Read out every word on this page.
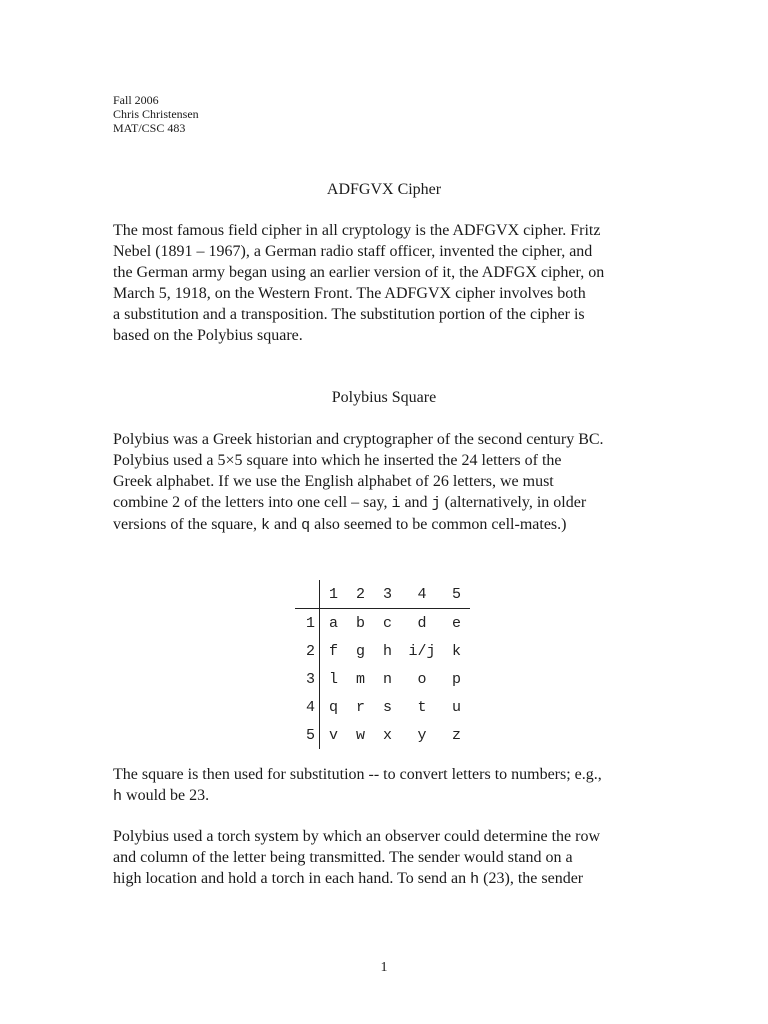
Fall 2006
Chris Christensen
MAT/CSC 483
ADFGVX Cipher

The most famous field cipher in all cryptology is the ADFGVX cipher. Fritz
Nebel (1891 – 1967), a German radio staff officer, invented the cipher, and
the German army began using an earlier version of it, the ADFGX cipher, on
March 5, 1918, on the Western Front. The ADFGVX cipher involves both
a substitution and a transposition. The substitution portion of the cipher is
based on the Polybius square.

Polybius Square

Polybius was a Greek historian and cryptographer of the second century BC.
Polybius used a 5×5 square into which he inserted the 24 letters of the
Greek alphabet. If we use the English alphabet of 26 letters, we must
combine 2 of the letters into one cell – say, i and j (alternatively, in older
versions of the square, k and q also seemed to be common cell-mates.)

	1	2	3	4	5
1	a	b	c	d	e
2	f	g	h	i/j	k
3	l	m	n	o	p
4	q	r	s	t	u
5	v	w	x	y	z

The square is then used for substitution -- to convert letters to numbers; e.g.,
h would be 23.

Polybius used a torch system by which an observer could determine the row
and column of the letter being transmitted. The sender would stand on a
high location and hold a torch in each hand. To send an h (23), the sender

1
